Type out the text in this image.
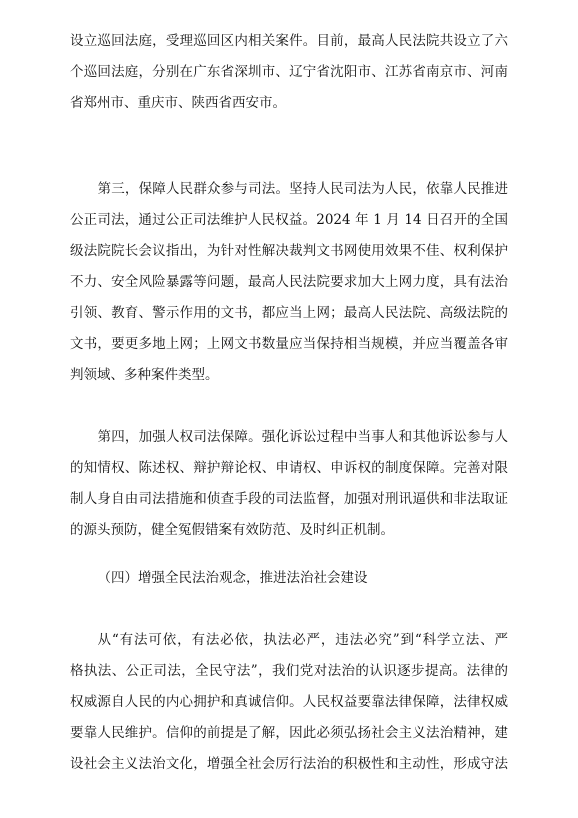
设立巡回法庭，受理巡回区内相关案件。目前，最高人民法院共设立了六
个巡回法庭，分别在广东省深圳市、辽宁省沈阳市、江苏省南京市、河南
省郑州市、重庆市、陕西省西安市。
第三，保障人民群众参与司法。坚持人民司法为人民，依靠人民推进
公正司法，通过公正司法维护人民权益。2024 年 1 月 14 日召开的全国
级法院院长会议指出，为针对性解决裁判文书网使用效果不佳、权利保护
不力、安全风险暴露等问题，最高人民法院要求加大上网力度，具有法治
引领、教育、警示作用的文书，都应当上网；最高人民法院、高级法院的
文书，要更多地上网；上网文书数量应当保持相当规模，并应当覆盖各审
判领域、多种案件类型。
第四，加强人权司法保障。强化诉讼过程中当事人和其他诉讼参与人
的知情权、陈述权、辩护辩论权、申请权、申诉权的制度保障。完善对限
制人身自由司法措施和侦查手段的司法监督，加强对刑讯逼供和非法取证
的源头预防，健全冤假错案有效防范、及时纠正机制。
（四）增强全民法治观念，推进法治社会建设
从“有法可依，有法必依，执法必严，违法必究”到“科学立法、严
格执法、公正司法，全民守法”，我们党对法治的认识逐步提高。法律的
权威源自人民的内心拥护和真诚信仰。人民权益要靠法律保障，法律权威
要靠人民维护。信仰的前提是了解，因此必须弘扬社会主义法治精神，建
设社会主义法治文化，增强全社会厉行法治的积极性和主动性，形成守法
